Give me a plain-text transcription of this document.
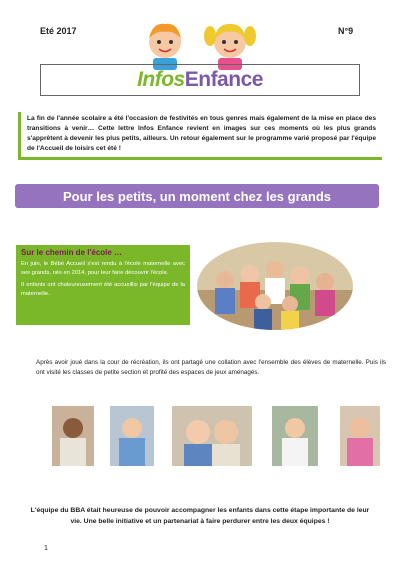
Eté 2017	N°9
InfosEnfance
La fin de l'année scolaire a été l'occasion de festivités en tous genres mais également de la mise en place des transitions à venir… Cette lettre Infos Enfance revient en images sur ces moments où les plus grands s'apprêtent à devenir les plus petits, ailleurs. Un retour également sur le programme varié proposé par l'équipe de l'Accueil de loisirs cet été !
Pour les petits, un moment chez les grands
Sur le chemin de l'école …

En juin, le Bébé Accueil s'est rendu à l'école maternelle avec ses grands, nés en 2014, pour leur faire découvrir l'école.

9 enfants ont chaleureusement été accueillis par l'équipe de la maternelle.

Après avoir joué dans la cour de récréation, ils ont partagé une collation avec l'ensemble des élèves de maternelle. Puis ils ont visité les classes de petite section et profité des espaces de jeux aménagés.
L'équipe du BBA était heureuse de pouvoir accompagner les enfants dans cette étape importante de leur vie. Une belle initiative et un partenariat à faire perdurer entre les deux équipes !
1
